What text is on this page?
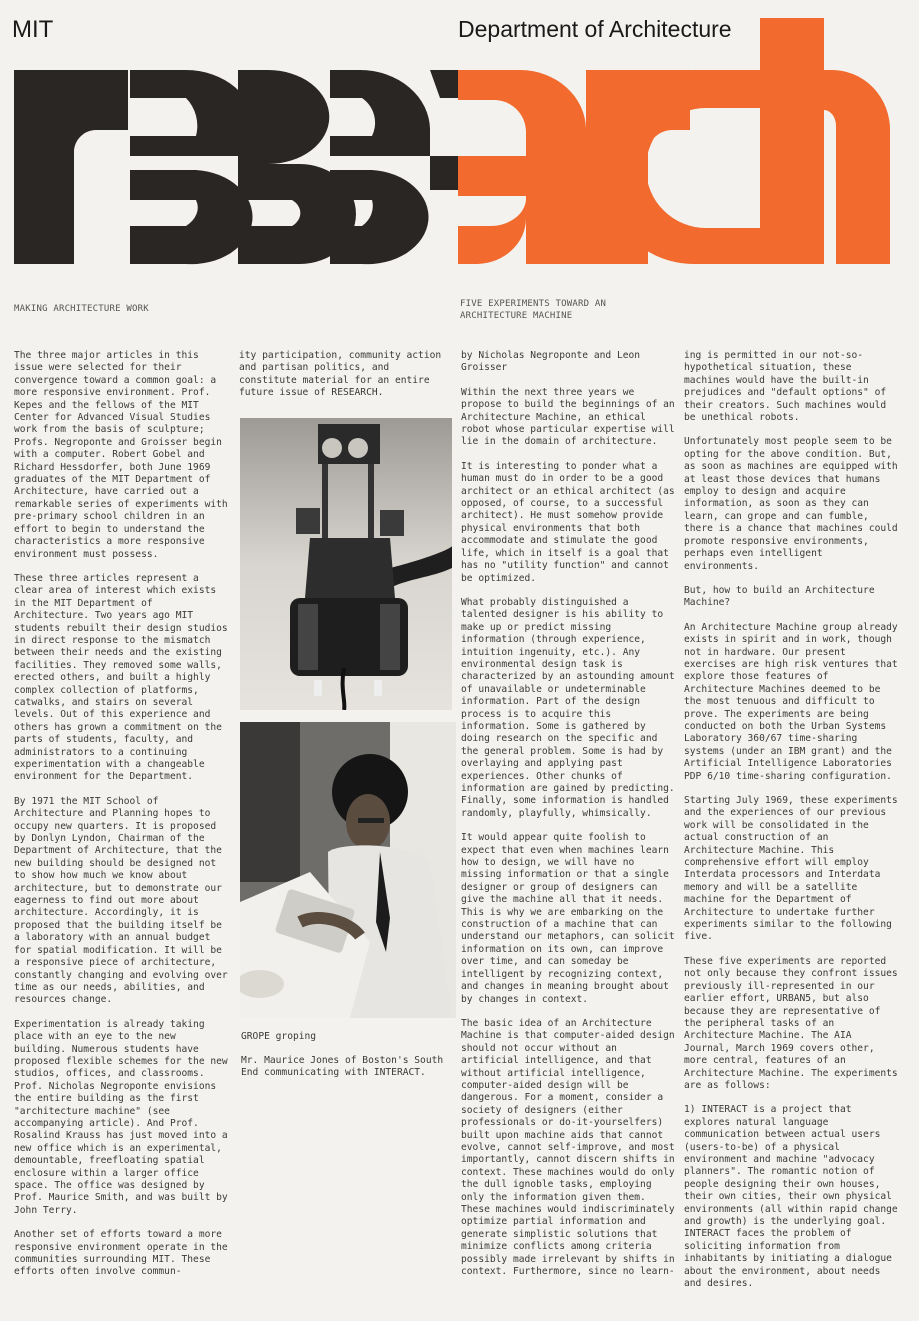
MIT	Department of Architecture
MAKING ARCHITECTURE WORK	FIVE EXPERIMENTS TOWARD AN ARCHITECTURE MACHINE

The three major articles in this issue were selected for their convergence toward a common goal: a more responsive environment. Prof. Kepes and the fellows of the MIT Center for Advanced Visual Studies work from the basis of sculpture; Profs. Negroponte and Groisser begin with a computer. Robert Gobel and Richard Hessdorfer, both June 1969 graduates of the MIT Department of Architecture, have carried out a remarkable series of experiments with pre-primary school children in an effort to begin to understand the characteristics a more responsive environment must possess.

These three articles represent a clear area of interest which exists in the MIT Department of Architecture. Two years ago MIT students rebuilt their design studios in direct response to the mismatch between their needs and the existing facilities. They removed some walls, erected others, and built a highly complex collection of platforms, catwalks, and stairs on several levels. Out of this experience and others has grown a commitment on the parts of students, faculty, and administrators to a continuing experimentation with a changeable environment for the Department.

By 1971 the MIT School of Architecture and Planning hopes to occupy new quarters. It is proposed by Donlyn Lyndon, Chairman of the Department of Architecture, that the new building should be designed not to show how much we know about architecture, but to demonstrate our eagerness to find out more about architecture. Accordingly, it is proposed that the building itself be a laboratory with an annual budget for spatial modification. It will be a responsive piece of architecture, constantly changing and evolving over time as our needs, abilities, and resources change.

Experimentation is already taking place with an eye to the new building. Numerous students have proposed flexible schemes for the new studios, offices, and classrooms. Prof. Nicholas Negroponte envisions the entire building as the first "architecture machine" (see accompanying article). And Prof. Rosalind Krauss has just moved into a new office which is an experimental, demountable, freefloating spatial enclosure within a larger office space. The office was designed by Prof. Maurice Smith, and was built by John Terry.

Another set of efforts toward a more responsive environment operate in the communities surrounding MIT. These efforts often involve commun-

ity participation, community action and partisan politics, and constitute material for an entire future issue of RESEARCH.

GROPE groping
Mr. Maurice Jones of Boston's South End communicating with INTERACT.

by Nicholas Negroponte and Leon Groisser

Within the next three years we propose to build the beginnings of an Architecture Machine, an ethical robot whose particular expertise will lie in the domain of architecture.

It is interesting to ponder what a human must do in order to be a good architect or an ethical architect (as opposed, of course, to a successful architect). He must somehow provide physical environments that both accommodate and stimulate the good life, which in itself is a goal that has no "utility function" and cannot be optimized.

What probably distinguished a talented designer is his ability to make up or predict missing information (through experience, intuition ingenuity, etc.). Any environmental design task is characterized by an astounding amount of unavailable or undeterminable information. Part of the design process is to acquire this information. Some is gathered by doing research on the specific and the general problem. Some is had by overlaying and applying past experiences. Other chunks of information are gained by predicting. Finally, some information is handled randomly, playfully, whimsically.

It would appear quite foolish to expect that even when machines learn how to design, we will have no missing information or that a single designer or group of designers can give the machine all that it needs. This is why we are embarking on the construction of a machine that can understand our metaphors, can solicit information on its own, can improve over time, and can someday be intelligent by recognizing context, and changes in meaning brought about by changes in context.

The basic idea of an Architecture Machine is that computer-aided design should not occur without an artificial intelligence, and that without artificial intelligence, computer-aided design will be dangerous. For a moment, consider a society of designers (either professionals or do-it-yourselfers) built upon machine aids that cannot evolve, cannot self-improve, and most importantly, cannot discern shifts in context. These machines would do only the dull ignoble tasks, employing only the information given them. These machines would indiscriminately optimize partial information and generate simplistic solutions that minimize conflicts among criteria possibly made irrelevant by shifts in context. Furthermore, since no learn-

ing is permitted in our not-so-hypothetical situation, these machines would have the built-in prejudices and "default options" of their creators. Such machines would be unethical robots.

Unfortunately most people seem to be opting for the above condition. But, as soon as machines are equipped with at least those devices that humans employ to design and acquire information, as soon as they can learn, can grope and can fumble, there is a chance that machines could promote responsive environments, perhaps even intelligent environments.

But, how to build an Architecture Machine?

An Architecture Machine group already exists in spirit and in work, though not in hardware. Our present exercises are high risk ventures that explore those features of Architecture Machines deemed to be the most tenuous and difficult to prove. The experiments are being conducted on both the Urban Systems Laboratory 360/67 time-sharing systems (under an IBM grant) and the Artificial Intelligence Laboratories PDP 6/10 time-sharing configuration.

Starting July 1969, these experiments and the experiences of our previous work will be consolidated in the actual construction of an Architecture Machine. This comprehensive effort will employ Interdata processors and Interdata memory and will be a satellite machine for the Department of Architecture to undertake further experiments similar to the following five.

These five experiments are reported not only because they confront issues previously ill-represented in our earlier effort, URBAN5, but also because they are representative of the peripheral tasks of an Architecture Machine. The AIA Journal, March 1969 covers other, more central, features of an Architecture Machine. The experiments are as follows:

1) INTERACT is a project that explores natural language communication between actual users (users-to-be) of a physical environment and machine "advocacy planners". The romantic notion of people designing their own houses, their own cities, their own physical environments (all within rapid change and growth) is the underlying goal. INTERACT faces the problem of soliciting information from inhabitants by initiating a dialogue about the environment, about needs and desires.
